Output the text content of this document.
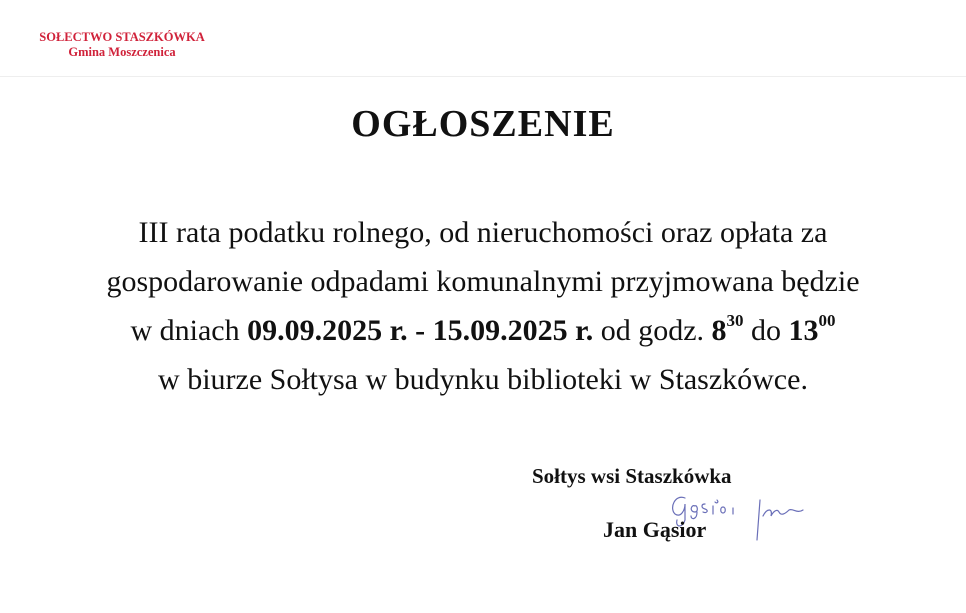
SOŁECTWO STASZKÓWKA
Gmina Moszczenica
OGŁOSZENIE

III rata podatku rolnego, od nieruchomości oraz opłata za

gospodarowanie odpadami komunalnymi przyjmowana będzie

w dniach 09.09.2025 r. - 15.09.2025 r. od godz. $8^{30}$ do $13^{00}$

w biurze Sołtysa w budynku biblioteki w Staszkówce.

Sołtys wsi Staszkówka
Jan Gąsior
